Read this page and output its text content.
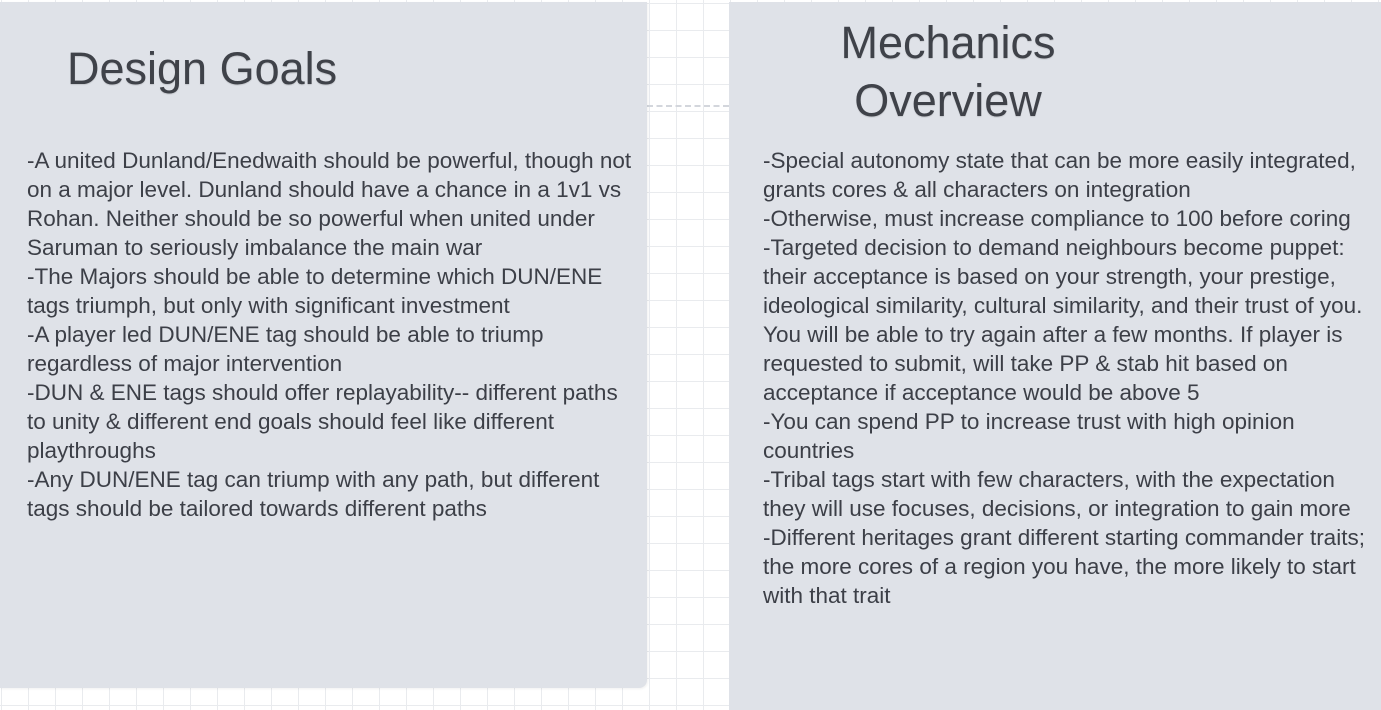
Design Goals

-A united Dunland/Enedwaith should be powerful, though not on a major level. Dunland should have a chance in a 1v1 vs Rohan. Neither should be so powerful when united under Saruman to seriously imbalance the main war

-The Majors should be able to determine which DUN/ENE tags triumph, but only with significant investment

-A player led DUN/ENE tag should be able to triump regardless of major intervention

-DUN & ENE tags should offer replayability-- different paths to unity & different end goals should feel like different playthroughs

-Any DUN/ENE tag can triump with any path, but different tags should be tailored towards different paths

Mechanics Overview

-Special autonomy state that can be more easily integrated, grants cores & all characters on integration

-Otherwise, must increase compliance to 100 before coring

-Targeted decision to demand neighbours become puppet: their acceptance is based on your strength, your prestige, ideological similarity, cultural similarity, and their trust of you. You will be able to try again after a few months. If player is requested to submit, will take PP & stab hit based on acceptance if acceptance would be above 5

-You can spend PP to increase trust with high opinion countries

-Tribal tags start with few characters, with the expectation they will use focuses, decisions, or integration to gain more

-Different heritages grant different starting commander traits; the more cores of a region you have, the more likely to start with that trait
